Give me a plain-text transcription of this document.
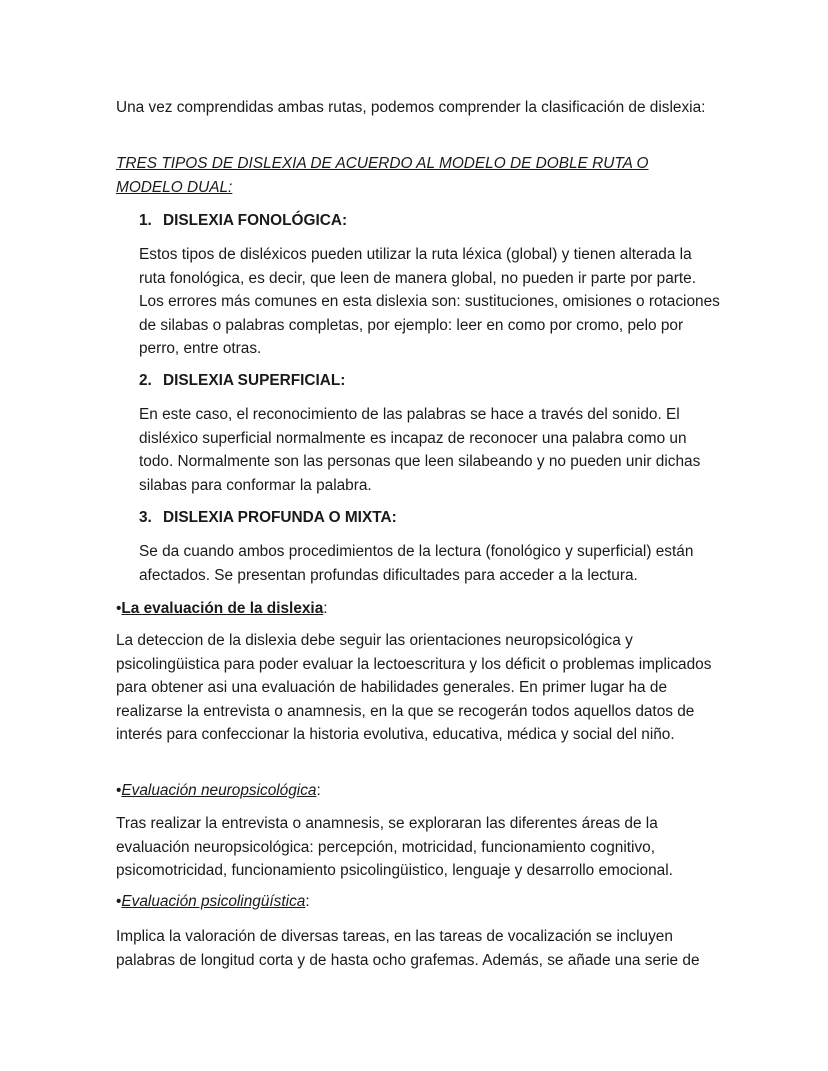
Una vez comprendidas ambas rutas, podemos comprender la clasificación de dislexia:

TRES TIPOS DE DISLEXIA DE ACUERDO AL MODELO DE DOBLE RUTA O MODELO DUAL:

1. DISLEXIA FONOLÓGICA:

Estos tipos de disléxicos pueden utilizar la ruta léxica (global) y tienen alterada la ruta fonológica, es decir, que leen de manera global, no pueden ir parte por parte. Los errores más comunes en esta dislexia son: sustituciones, omisiones o rotaciones de silabas o palabras completas, por ejemplo: leer en como por cromo, pelo por perro, entre otras.

2. DISLEXIA SUPERFICIAL:

En este caso, el reconocimiento de las palabras se hace a través del sonido. El disléxico superficial normalmente es incapaz de reconocer una palabra como un todo. Normalmente son las personas que leen silabeando y no pueden unir dichas silabas para conformar la palabra.

3. DISLEXIA PROFUNDA O MIXTA:

Se da cuando ambos procedimientos de la lectura (fonológico y superficial) están afectados. Se presentan profundas dificultades para acceder a la lectura.

•La evaluación de la dislexia:

La deteccion de la dislexia debe seguir las orientaciones neuropsicológica y psicolingüistica para poder evaluar la lectoescritura y los déficit o problemas implicados para obtener asi una evaluación de habilidades generales. En primer lugar ha de realizarse la entrevista o anamnesis, en la que se recogerán todos aquellos datos de interés para confeccionar la historia evolutiva, educativa, médica y social del niño.

•Evaluación neuropsicológica:

Tras realizar la entrevista o anamnesis, se exploraran las diferentes áreas de la evaluación neuropsicológica: percepción, motricidad, funcionamiento cognitivo, psicomotricidad, funcionamiento psicolingüistico, lenguaje y desarrollo emocional.

•Evaluación psicolingüística:

Implica la valoración de diversas tareas, en las tareas de vocalización se incluyen palabras de longitud corta y de hasta ocho grafemas. Además, se añade una serie de
